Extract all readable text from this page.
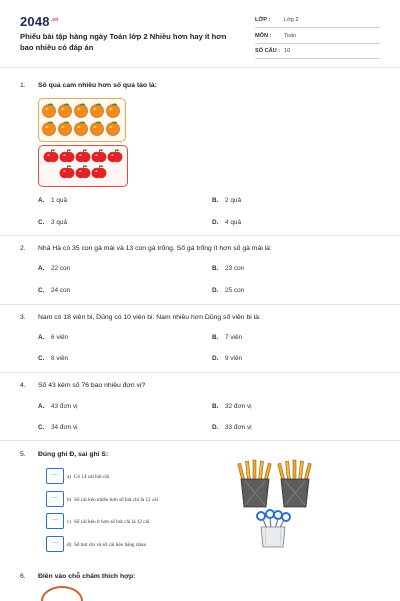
$2048^{.vn}$
Phiếu bài tập hàng ngày Toán lớp 2 Nhiều hơn hay ít hơn bao nhiêu có đáp án
LỚP : Lớp 2
MÔN : Toán
SỐ CÂU : 10
1. Số quả cam nhiều hơn số quả táo là:
A. 1 quả	B. 2 quả
C. 3 quả	D. 4 quả
2. Nhà Hà có 35 con gà mái và 13 con gà trống. Số gà trống ít hơn số gà mái là:
A. 22 con	B. 23 con
C. 24 con	D. 25 con
3. Nam có 18 viên bi, Dũng có 10 viên bi. Nam nhiều hơn Dũng số viên bi là:
A. 6 viên	B. 7 viên
C. 8 viên	D. 9 viên
4. Số 43 kém số 76 bao nhiêu đơn vị?
A. 43 đơn vị	B. 32 đơn vị
C. 34 đơn vị	D. 33 đơn vị
5. Đúng ghi Đ, sai ghi S:
....	a) Có 14 cái bút chì
....	b) Số cái kéo nhiều hơn số bút chì là 12 cái
....	c) Số cái kéo ít hơn số bút chì là 12 cái
....	d) Số bút chì và số cái kéo bằng nhau
6. Điền vào chỗ chấm thích hợp:
